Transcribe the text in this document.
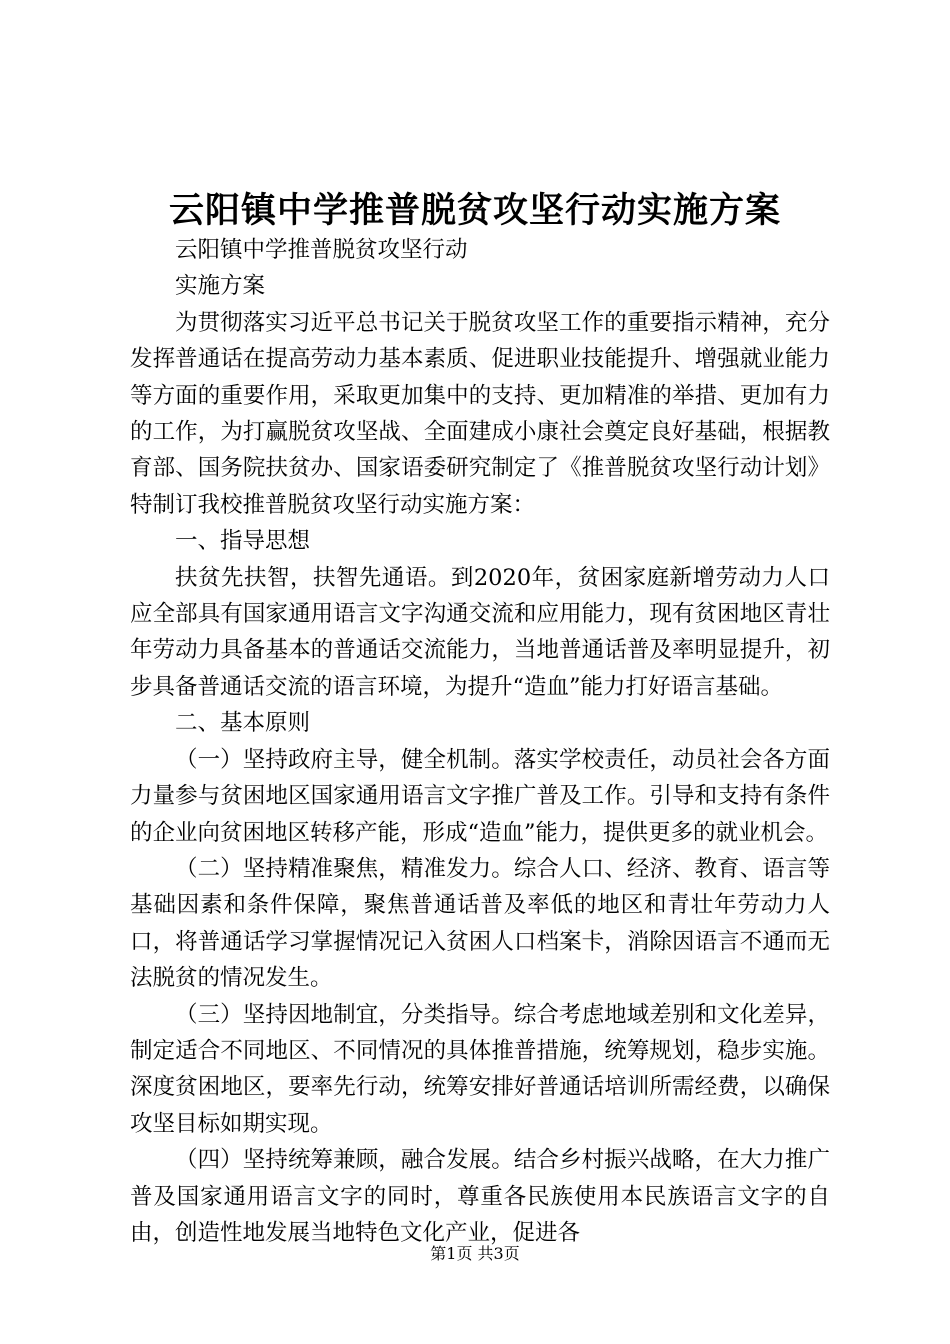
云阳镇中学推普脱贫攻坚行动实施方案

云阳镇中学推普脱贫攻坚行动

实施方案

为贯彻落实习近平总书记关于脱贫攻坚工作的重要指示精神，充分发挥普通话在提高劳动力基本素质、促进职业技能提升、增强就业能力等方面的重要作用，采取更加集中的支持、更加精准的举措、更加有力的工作，为打赢脱贫攻坚战、全面建成小康社会奠定良好基础，根据教育部、国务院扶贫办、国家语委研究制定了《推普脱贫攻坚行动计划》特制订我校推普脱贫攻坚行动实施方案：

一、指导思想

扶贫先扶智，扶智先通语。到2020年，贫困家庭新增劳动力人口应全部具有国家通用语言文字沟通交流和应用能力，现有贫困地区青壮年劳动力具备基本的普通话交流能力，当地普通话普及率明显提升，初步具备普通话交流的语言环境，为提升“造血”能力打好语言基础。

二、基本原则

（一）坚持政府主导，健全机制。落实学校责任，动员社会各方面力量参与贫困地区国家通用语言文字推广普及工作。引导和支持有条件的企业向贫困地区转移产能，形成“造血”能力，提供更多的就业机会。

（二）坚持精准聚焦，精准发力。综合人口、经济、教育、语言等基础因素和条件保障，聚焦普通话普及率低的地区和青壮年劳动力人口，将普通话学习掌握情况记入贫困人口档案卡，消除因语言不通而无法脱贫的情况发生。

（三）坚持因地制宜，分类指导。综合考虑地域差别和文化差异，制定适合不同地区、不同情况的具体推普措施，统筹规划，稳步实施。深度贫困地区，要率先行动，统筹安排好普通话培训所需经费，以确保攻坚目标如期实现。

（四）坚持统筹兼顾，融合发展。结合乡村振兴战略，在大力推广普及国家通用语言文字的同时，尊重各民族使用本民族语言文字的自由，创造性地发展当地特色文化产业，促进各

第1页 共3页
